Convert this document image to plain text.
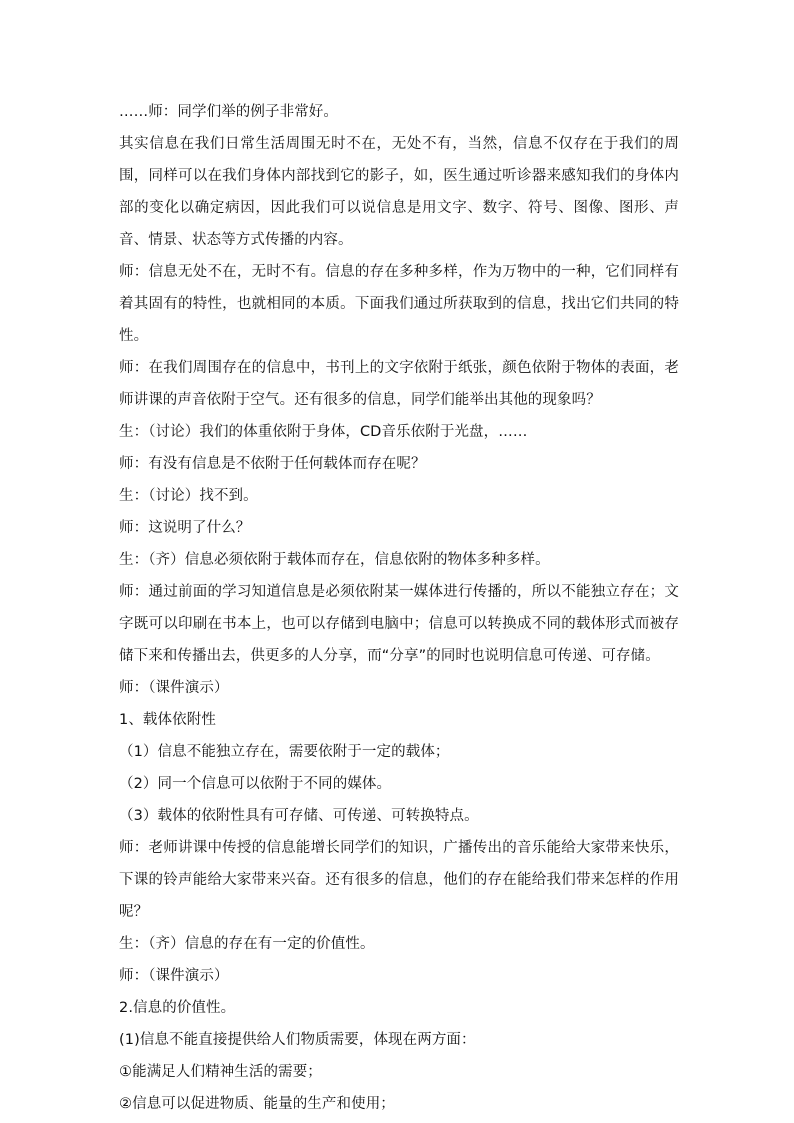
……师：同学们举的例子非常好。

其实信息在我们日常生活周围无时不在，无处不有，当然，信息不仅存在于我们的周围，同样可以在我们身体内部找到它的影子，如，医生通过听诊器来感知我们的身体内部的变化以确定病因，因此我们可以说信息是用文字、数字、符号、图像、图形、声音、情景、状态等方式传播的内容。

师：信息无处不在，无时不有。信息的存在多种多样，作为万物中的一种，它们同样有着其固有的特性，也就相同的本质。下面我们通过所获取到的信息，找出它们共同的特性。

师：在我们周围存在的信息中，书刊上的文字依附于纸张，颜色依附于物体的表面，老师讲课的声音依附于空气。还有很多的信息，同学们能举出其他的现象吗？

生：（讨论）我们的体重依附于身体，CD音乐依附于光盘，……

师：有没有信息是不依附于任何载体而存在呢？

生：（讨论）找不到。

师：这说明了什么？

生：（齐）信息必须依附于载体而存在，信息依附的物体多种多样。

师：通过前面的学习知道信息是必须依附某一媒体进行传播的，所以不能独立存在；文字既可以印刷在书本上，也可以存储到电脑中；信息可以转换成不同的载体形式而被存储下来和传播出去，供更多的人分享，而“分享”的同时也说明信息可传递、可存储。

师：（课件演示）

1、载体依附性

（1）信息不能独立存在，需要依附于一定的载体；

（2）同一个信息可以依附于不同的媒体。

（3）载体的依附性具有可存储、可传递、可转换特点。

师：老师讲课中传授的信息能增长同学们的知识，广播传出的音乐能给大家带来快乐，下课的铃声能给大家带来兴奋。还有很多的信息，他们的存在能给我们带来怎样的作用呢？

生：（齐）信息的存在有一定的价值性。

师：（课件演示）

2.信息的价值性。

(1)信息不能直接提供给人们物质需要，体现在两方面：

①能满足人们精神生活的需要；

②信息可以促进物质、能量的生产和使用；
